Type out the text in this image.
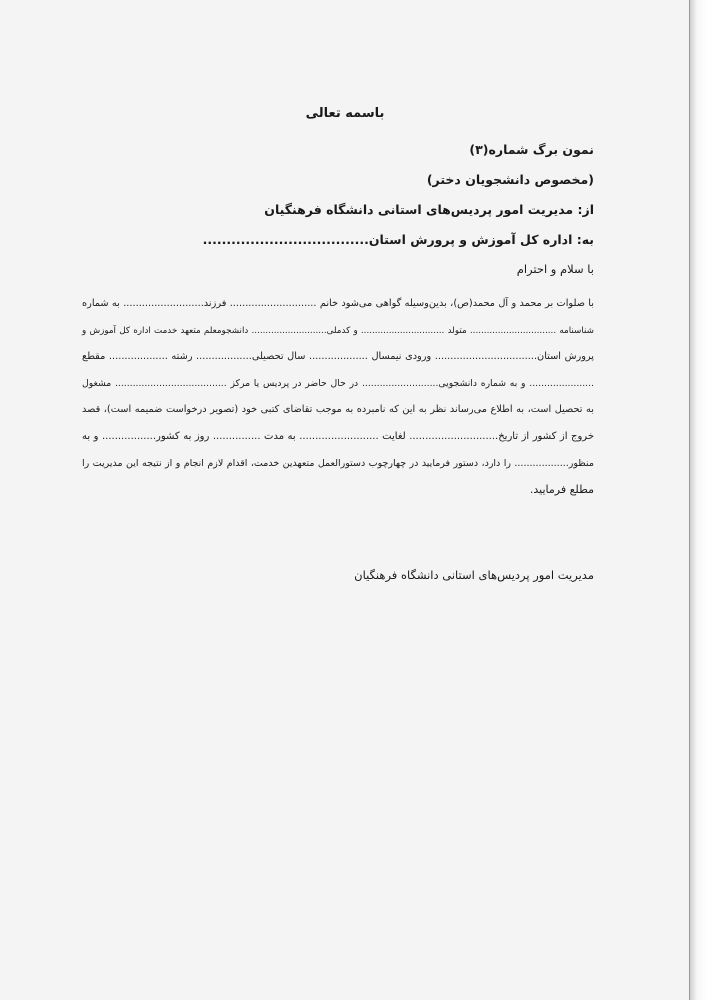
باسمه تعالی
نمون برگ شماره(۳)
(مخصوص دانشجویان دختر)
از: مدیریت امور پردیس‌های استانی دانشگاه فرهنگیان
به: اداره کل آموزش و پرورش استان...................................
با سلام و احترام
با صلوات بر محمد و آل محمد(ص)، بدین‌وسیله گواهی می‌شود خانم ............................ فرزند.......................... به شماره
شناسنامه ............................... متولد .............................. و کدملی........................... دانشجومعلم متعهد خدمت اداره کل آموزش و
پرورش استان................................. ورودی نیمسال ................... سال تحصیلی.................. رشته ................... مقطع
...................... و به شماره دانشجویی.......................... در حال حاضر در پردیس یا مرکز ...................................... مشغول
به تحصیل است، به اطلاع می‌رساند نظر به این که نامبرده به موجب تقاضای کتبی خود (تصویر درخواست ضمیمه است)، قصد
خروج از کشور از تاریخ............................ لغایت ......................... به مدت ............... روز به کشور................. و به
منظور.................. را دارد، دستور فرمایید در چهارچوب دستورالعمل متعهدین خدمت، اقدام لازم انجام و از نتیجه این مدیریت را
مطلع فرمایید.
مدیریت امور پردیس‌های استانی دانشگاه فرهنگیان
